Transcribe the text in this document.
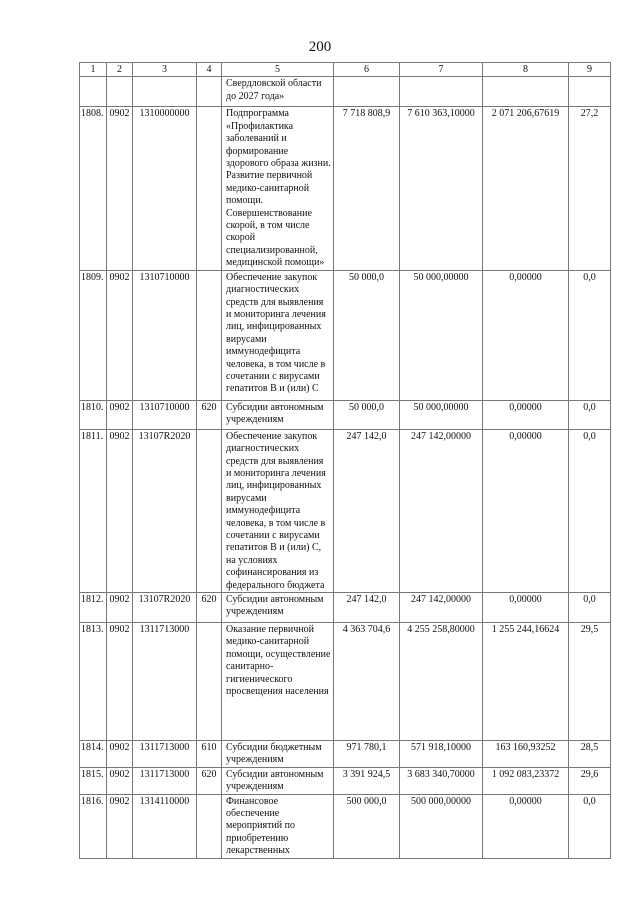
200
1	2	3	4	5	6	7	8	9
				Свердловской области до 2027 года»				
1808.	0902	1310000000		Подпрограмма «Профилактика заболеваний и формирование здорового образа жизни. Развитие первичной медико-санитарной помощи. Совершенствование скорой, в том числе скорой специализированной, медицинской помощи»	7 718 808,9	7 610 363,10000	2 071 206,67619	27,2
1809.	0902	1310710000		Обеспечение закупок диагностических средств для выявления и мониторинга лечения лиц, инфицированных вирусами иммунодефицита человека, в том числе в сочетании с вирусами гепатитов В и (или) С	50 000,0	50 000,00000	0,00000	0,0
1810.	0902	1310710000	620	Субсидии автономным учреждениям	50 000,0	50 000,00000	0,00000	0,0
1811.	0902	13107R2020		Обеспечение закупок диагностических средств для выявления и мониторинга лечения лиц, инфицированных вирусами иммунодефицита человека, в том числе в сочетании с вирусами гепатитов В и (или) С, на условиях софинансирования из федерального бюджета	247 142,0	247 142,00000	0,00000	0,0
1812.	0902	13107R2020	620	Субсидии автономным учреждениям	247 142,0	247 142,00000	0,00000	0,0
1813.	0902	1311713000		Оказание первичной медико-санитарной помощи, осуществление санитарно-гигиенического просвещения населения	4 363 704,6	4 255 258,80000	1 255 244,16624	29,5
1814.	0902	1311713000	610	Субсидии бюджетным учреждениям	971 780,1	571 918,10000	163 160,93252	28,5
1815.	0902	1311713000	620	Субсидии автономным учреждениям	3 391 924,5	3 683 340,70000	1 092 083,23372	29,6
1816.	0902	1314110000		Финансовое обеспечение мероприятий по приобретению лекарственных	500 000,0	500 000,00000	0,00000	0,0
